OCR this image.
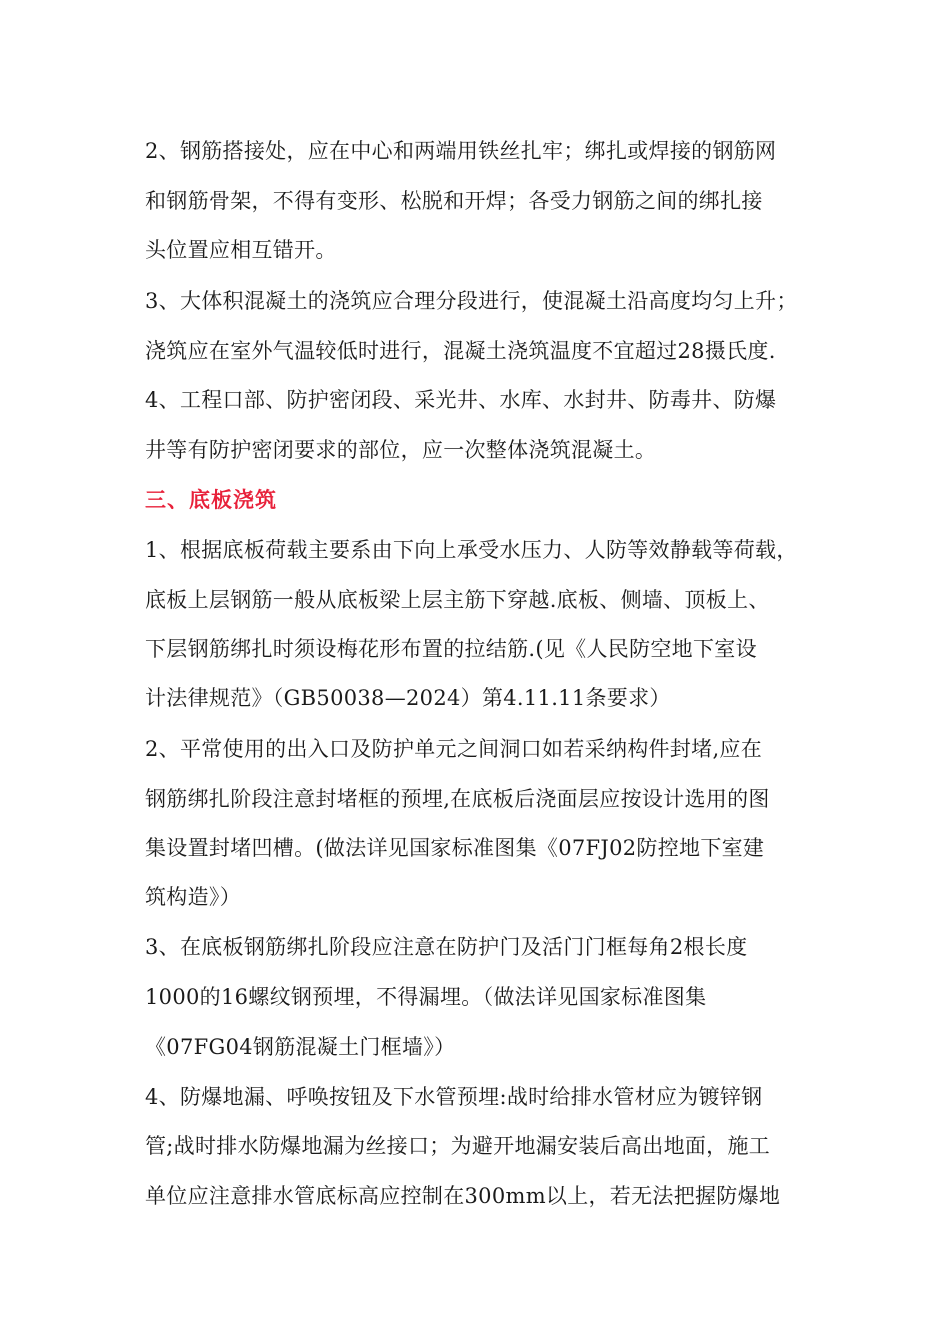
2、钢筋搭接处，应在中心和两端用铁丝扎牢；绑扎或焊接的钢筋网
和钢筋骨架，不得有变形、松脱和开焊；各受力钢筋之间的绑扎接
头位置应相互错开。
3、大体积混凝土的浇筑应合理分段进行，使混凝土沿高度均匀上升；
浇筑应在室外气温较低时进行，混凝土浇筑温度不宜超过28摄氏度.
4、工程口部、防护密闭段、采光井、水库、水封井、防毒井、防爆
井等有防护密闭要求的部位，应一次整体浇筑混凝土。
三、底板浇筑
1、根据底板荷载主要系由下向上承受水压力、人防等效静载等荷载，
底板上层钢筋一般从底板梁上层主筋下穿越.底板、侧墙、顶板上、
下层钢筋绑扎时须设梅花形布置的拉结筋.(见《人民防空地下室设
计法律规范》（GB50038—2024）第4.11.11条要求）
2、平常使用的出入口及防护单元之间洞口如若采纳构件封堵,应在
钢筋绑扎阶段注意封堵框的预埋,在底板后浇面层应按设计选用的图
集设置封堵凹槽。(做法详见国家标准图集《07FJ02防控地下室建
筑构造》）
3、在底板钢筋绑扎阶段应注意在防护门及活门门框每角2根长度
1000的16螺纹钢预埋，不得漏埋。（做法详见国家标准图集
《07FG04钢筋混凝土门框墙》）
4、防爆地漏、呼唤按钮及下水管预埋:战时给排水管材应为镀锌钢
管;战时排水防爆地漏为丝接口；为避开地漏安装后高出地面，施工
单位应注意排水管底标高应控制在300mm以上，若无法把握防爆地
